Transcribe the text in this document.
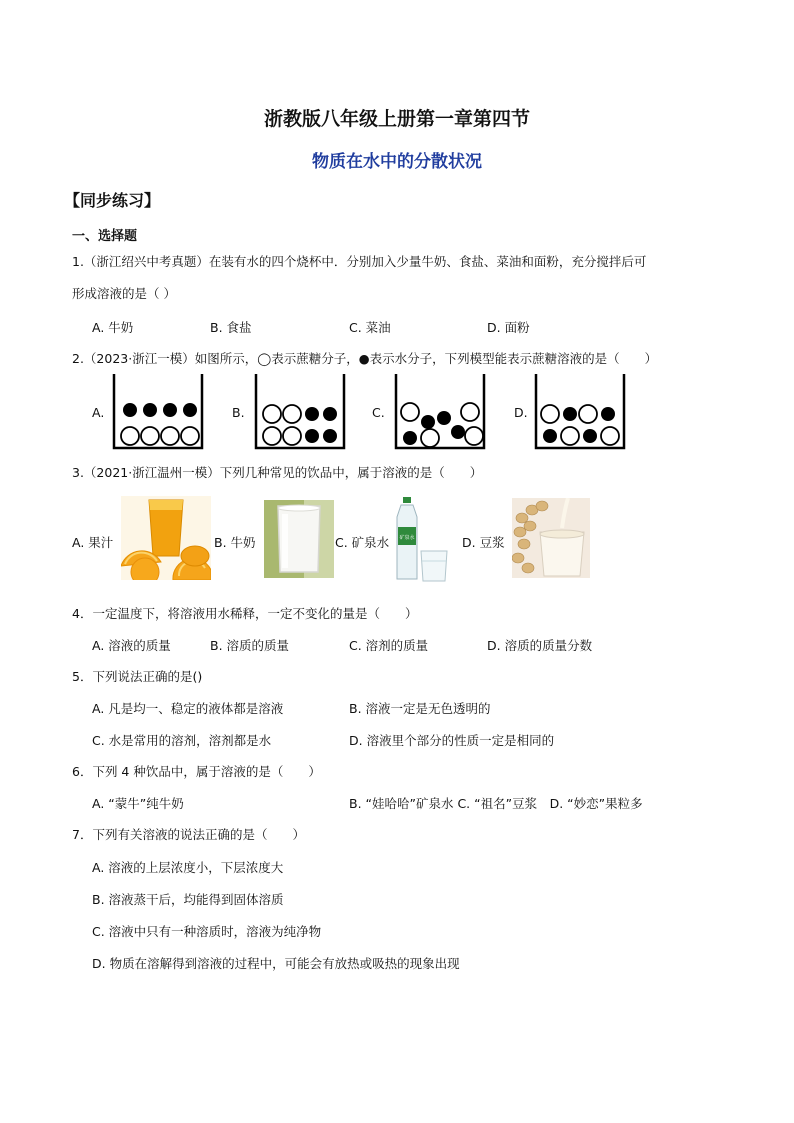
浙教版八年级上册第一章第四节
物质在水中的分散状况
【同步练习】
一、选择题
1.（浙江绍兴中考真题）在装有水的四个烧杯中．分别加入少量牛奶、食盐、菜油和面粉，充分搅拌后可
形成溶液的是（ ）
A. 牛奶	B. 食盐	C. 菜油	D. 面粉
2.（2023·浙江一模）如图所示，◯表示蔗糖分子，●表示水分子，下列模型能表示蔗糖溶液的是（　　）
A.	B.	C.	D.
3.（2021·浙江温州一模）下列几种常见的饮品中，属于溶液的是（　　）
A. 果汁	B. 牛奶	C. 矿泉水 矿泉水	D. 豆浆
4．一定温度下，将溶液用水稀释，一定不变化的量是（　　）
A. 溶液的质量	B. 溶质的质量	C. 溶剂的质量	D. 溶质的质量分数
5．下列说法正确的是()
A. 凡是均一、稳定的液体都是溶液	B. 溶液一定是无色透明的
C. 水是常用的溶剂，溶剂都是水	D. 溶液里个部分的性质一定是相同的
6．下列 4 种饮品中，属于溶液的是（　　）
A. “蒙牛”纯牛奶	B. “娃哈哈”矿泉水 C. “祖名”豆浆　D. “妙恋”果粒多
7．下列有关溶液的说法正确的是（　　）
A. 溶液的上层浓度小，下层浓度大
B. 溶液蒸干后，均能得到固体溶质
C. 溶液中只有一种溶质时，溶液为纯净物
D. 物质在溶解得到溶液的过程中，可能会有放热或吸热的现象出现
